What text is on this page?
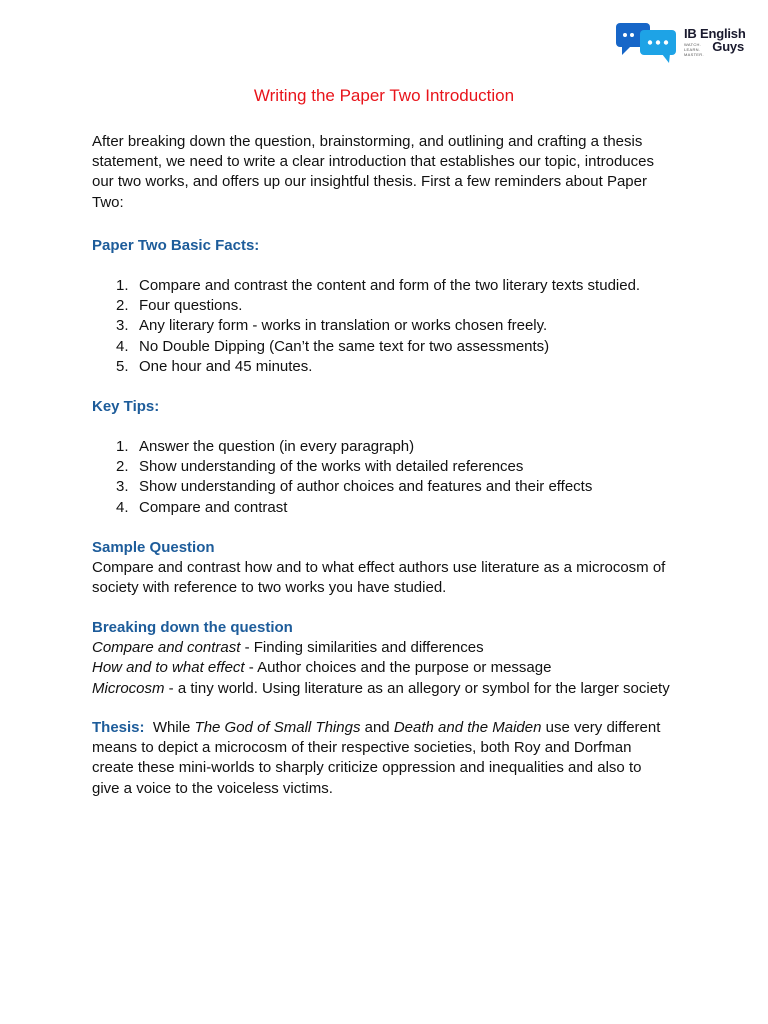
IB English
Guys
WATCH.
LEARN.
MASTER.
Writing the Paper Two Introduction

After breaking down the question, brainstorming, and outlining and crafting a thesis statement, we need to write a clear introduction that establishes our topic, introduces our two works, and offers up our insightful thesis. First a few reminders about Paper Two:

Paper Two Basic Facts:
1. Compare and contrast the content and form of the two literary texts studied.
2. Four questions.
3. Any literary form - works in translation or works chosen freely.
4. No Double Dipping (Can’t the same text for two assessments)
5. One hour and 45 minutes.
Key Tips:
1. Answer the question (in every paragraph)
2. Show understanding of the works with detailed references
3. Show understanding of author choices and features and their effects
4. Compare and contrast
Sample Question

Compare and contrast how and to what effect authors use literature as a microcosm of society with reference to two works you have studied.

Breaking down the question

Compare and contrast - Finding similarities and differences

How and to what effect - Author choices and the purpose or message

Microcosm - a tiny world. Using literature as an allegory or symbol for the larger society

Thesis:  While The God of Small Things and Death and the Maiden use very different means to depict a microcosm of their respective societies, both Roy and Dorfman create these mini-worlds to sharply criticize oppression and inequalities and also to give a voice to the voiceless victims.
